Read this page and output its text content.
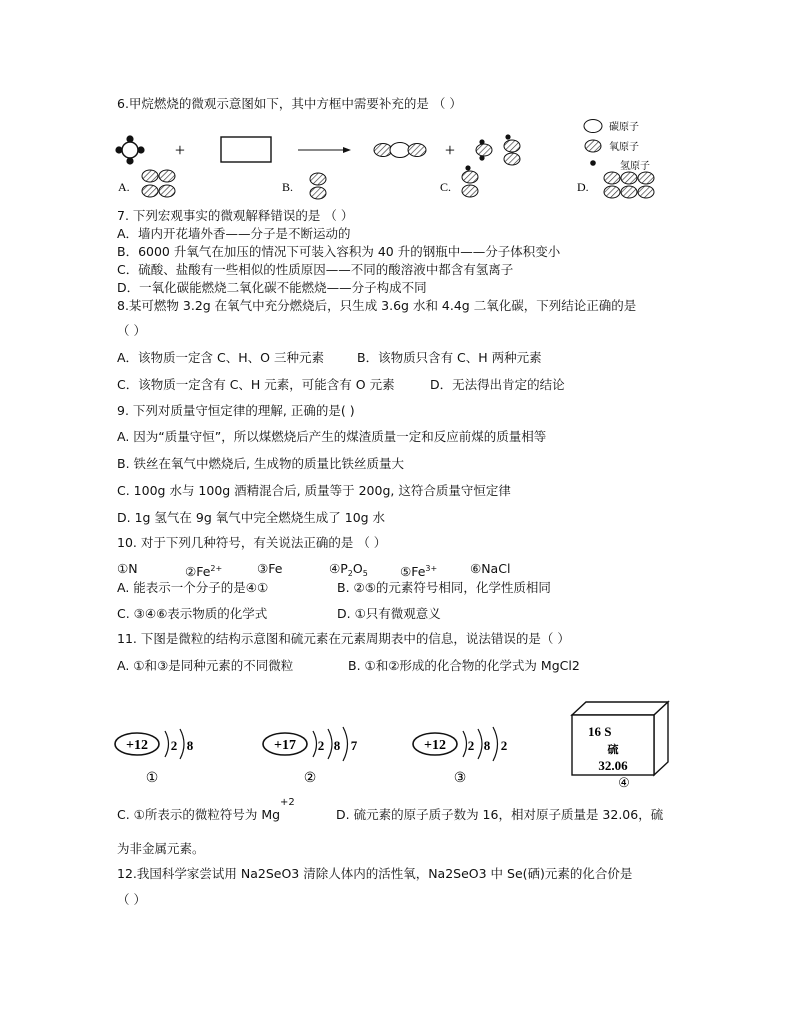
6.甲烷燃烧的微观示意图如下，其中方框中需要补充的是 （ ）
+	+
碳原子
氧原子
氢原子
A.	B.	C.	D.
7. 下列宏观事实的微观解释错误的是 （ ）
A．墙内开花墙外香——分子是不断运动的
B．6000 升氧气在加压的情况下可装入容积为 40 升的钢瓶中——分子体积变小
C．硫酸、盐酸有一些相似的性质原因——不同的酸溶液中都含有氢离子
D．一氧化碳能燃烧二氧化碳不能燃烧——分子构成不同
8.某可燃物 3.2g 在氧气中充分燃烧后，只生成 3.6g 水和 4.4g 二氧化碳，下列结论正确的是
（ ）
A．该物质一定含 C、H、O 三种元素	B．该物质只含有 C、H 两种元素
C．该物质一定含有 C、H 元素，可能含有 O 元素	D．无法得出肯定的结论
9. 下列对质量守恒定律的理解, 正确的是( )
A. 因为“质量守恒”，所以煤燃烧后产生的煤渣质量一定和反应前煤的质量相等
B. 铁丝在氧气中燃烧后, 生成物的质量比铁丝质量大
C. 100g 水与 100g 酒精混合后, 质量等于 200g, 这符合质量守恒定律
D. 1g 氢气在 9g 氧气中完全燃烧生成了 10g 水
10. 对于下列几种符号，有关说法正确的是 （ ）
①N	$②Fe^{2+}$	③Fe	$④P_2O_5$	$⑤Fe^{3+}$	⑥NaCl
A. 能表示一个分子的是④①	B. ②⑤的元素符号相同，化学性质相同
C. ③④⑥表示物质的化学式	D. ①只有微观意义
11. 下图是微粒的结构示意图和硫元素在元素周期表中的信息，说法错误的是（ ）
A. ①和③是同种元素的不同微粒	B. ①和②形成的化合物的化学式为 MgCl2
+12 2 8
①
+17 2 8 7
②
+12 2 8 2
③
16 S
硫
32.06
④
C. ①所表示的微粒符号为 Mg
+2
D. 硫元素的原子质子数为 16，相对原子质量是 32.06，硫
为非金属元素。
12.我国科学家尝试用 Na2SeO3 清除人体内的活性氧，Na2SeO3 中 Se(硒)元素的化合价是
（ ）
